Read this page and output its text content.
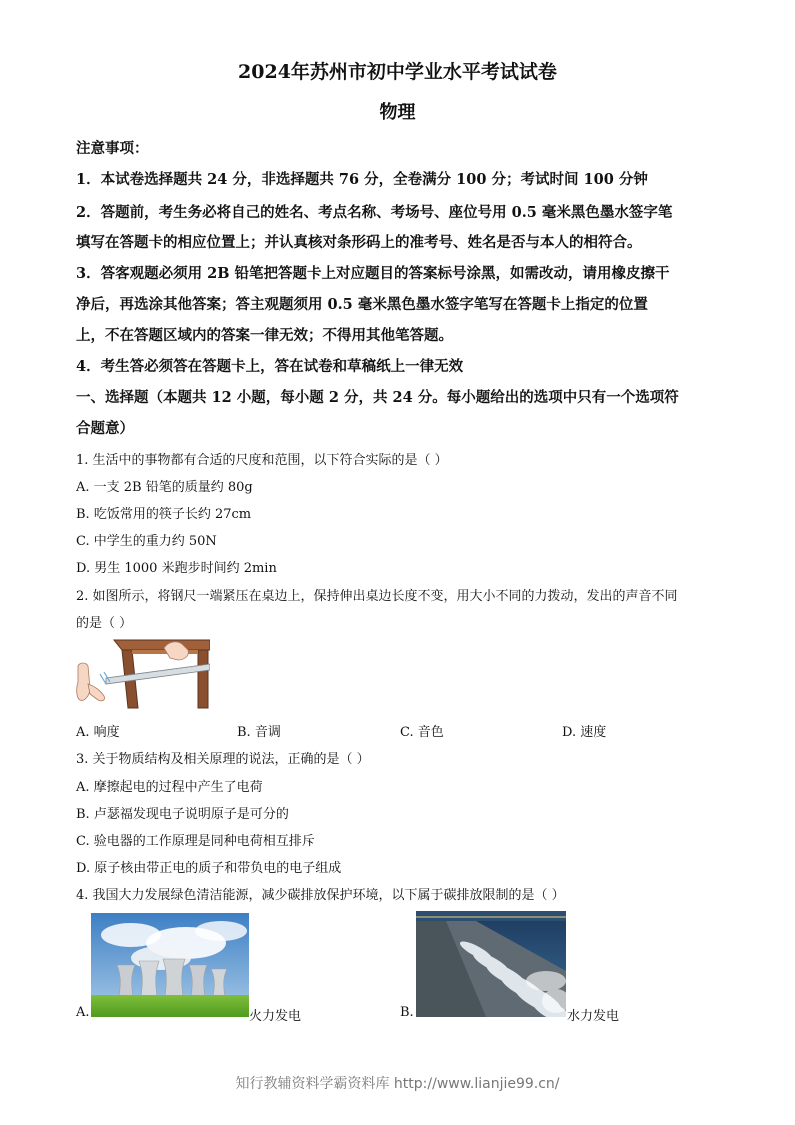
2024年苏州市初中学业水平考试试卷
物理
注意事项：
1．本试卷选择题共 24 分，非选择题共 76 分，全卷满分 100 分；考试时间 100 分钟
2．答题前，考生务必将自己的姓名、考点名称、考场号、座位号用 0.5 毫米黑色墨水签字笔
填写在答题卡的相应位置上；并认真核对条形码上的准考号、姓名是否与本人的相符合。
3．答客观题必须用 2B 铅笔把答题卡上对应题目的答案标号涂黑，如需改动，请用橡皮擦干
净后，再选涂其他答案；答主观题须用 0.5 毫米黑色墨水签字笔写在答题卡上指定的位置
上，不在答题区域内的答案一律无效；不得用其他笔答题。
4．考生答必须答在答题卡上，答在试卷和草稿纸上一律无效
一、选择题（本题共 12 小题，每小题 2 分，共 24 分。每小题给出的选项中只有一个选项符
合题意）
1. 生活中的事物都有合适的尺度和范围，以下符合实际的是（ ）
A. 一支 2B 铅笔的质量约 80g
B. 吃饭常用的筷子长约 27cm
C. 中学生的重力约 50N
D. 男生 1000 米跑步时间约 2min
2. 如图所示，将钢尺一端紧压在桌边上，保持伸出桌边长度不变，用大小不同的力拨动，发出的声音不同
的是（ ）
A. 响度	B. 音调	C. 音色	D. 速度
3. 关于物质结构及相关原理的说法，正确的是（ ）
A. 摩擦起电的过程中产生了电荷
B. 卢瑟福发现电子说明原子是可分的
C. 验电器的工作原理是同种电荷相互排斥
D. 原子核由带正电的质子和带负电的电子组成
4. 我国大力发展绿色清洁能源，减少碳排放保护环境，以下属于碳排放限制的是（ ）
A.	火力发电	B.	水力发电
知行教辅资料学霸资料库 http://www.lianjie99.cn/
